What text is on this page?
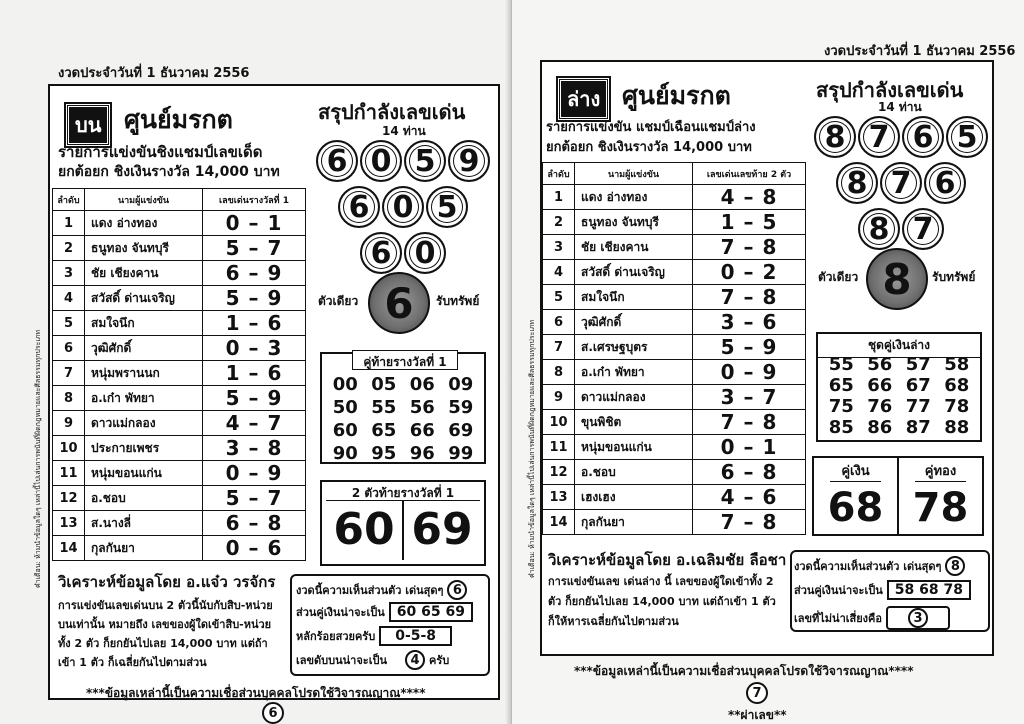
งวดประจำวันที่ 1 ธันวาคม 2556
คำเตือน: ห้ามนำข้อมูลใดๆ เหล่านี้ไปเล่นการพนันที่ผิดกฎหมายและศีลธรรมทุกประเภท
บน ศูนย์มรกต
รายการแข่งขันชิงแชมป์เลขเด็ด
ยกต้อยก ชิงเงินรางวัล 14,000 บาท
ลำดับ	นามผู้แข่งขัน	เลขเด่นรางวัลที่ 1
1	แดง อ่างทอง	0 – 1
2	ธนูทอง จันทบุรี	5 – 7
3	ชัย เชียงคาน	6 – 9
4	สวัสดิ์ ด่านเจริญ	5 – 9
5	สมใจนึก	1 – 6
6	วุฒิศักดิ์	0 – 3
7	หนุ่มพรานนก	1 – 6
8	อ.เก๋า พัทยา	5 – 9
9	ดาวแม่กลอง	4 – 7
10	ประกายเพชร	3 – 8
11	หนุ่มขอนแก่น	0 – 9
12	อ.ชอบ	5 – 7
13	ส.นางลี่	6 – 8
14	กุลกันยา	0 – 6
สรุปกำลังเลขเด่น
14 ท่าน
6 0 5 9
6 0 5
6 0
ตัวเดียว 6	รับทรัพย์
คู่ท้ายรางวัลที่ 1
00 05 06 09
50 55 56 59
60 65 66 69
90 95 96 99
2 ตัวท้ายรางวัลที่ 1
60 69
วิเคราะห์ข้อมูลโดย อ.แจ๋ว วรจักร
การแข่งขันเลขเด่นบน 2 ตัวนี้นับกับสิบ-หน่วยบนเท่านั้น หมายถึง เลขของผู้ใดเข้าสิบ-หน่วยทั้ง 2 ตัว ก็ยกยันไปเลย 14,000 บาท แต่ถ้าเข้า 1 ตัว ก็เฉลี่ยกันไปตามส่วน
งวดนี้ความเห็นส่วนตัว เด่นสุดๆ 6
ส่วนคู่เงินน่าจะเป็น 60 65 69
หลักร้อยสวยครับ	0-5-8
เลขดับบนน่าจะเป็น	4 ครับ
***ข้อมูลเหล่านี้เป็นความเชื่อส่วนบุคคลโปรดใช้วิจารณญาณ****
6
งวดประจำวันที่ 1 ธันวาคม 2556
คำเตือน: ห้ามนำข้อมูลใดๆ เหล่านี้ไปเล่นการพนันที่ผิดกฎหมายและศีลธรรมทุกประเภท
ล่าง ศูนย์มรกต
รายการแข่งขัน แชมป์เฉือนแชมป์ล่าง
ยกต้อยก ชิงเงินรางวัล 14,000 บาท
ลำดับ	นามผู้แข่งขัน	เลขเด่นเลขท้าย 2 ตัว
1	แดง อ่างทอง	4 – 8
2	ธนูทอง จันทบุรี	1 – 5
3	ชัย เชียงคาน	7 – 8
4	สวัสดิ์ ด่านเจริญ	0 – 2
5	สมใจนึก	7 – 8
6	วุฒิศักดิ์	3 – 6
7	ส.เศรษฐบุตร	5 – 9
8	อ.เก๋า พัทยา	0 – 9
9	ดาวแม่กลอง	3 – 7
10	ขุนพิชิต	7 – 8
11	หนุ่มขอนแก่น	0 – 1
12	อ.ชอบ	6 – 8
13	เฮงเฮง	4 – 6
14	กุลกันยา	7 – 8
สรุปกำลังเลขเด่น
14 ท่าน
8 7 6 5
8 7 6
8 7
ตัวเดียว 8	รับทรัพย์
ชุดคู่เงินล่าง
55 56 57 58
65 66 67 68
75 76 77 78
85 86 87 88
คู่เงิน
68
คู่ทอง
78
วิเคราะห์ข้อมูลโดย อ.เฉลิมชัย ลือชา
การแข่งขันเลข เด่นล่าง นี้ เลขของผู้ใดเข้าทั้ง 2 ตัว ก็ยกยันไปเลย 14,000 บาท แต่ถ้าเข้า 1 ตัว ก็ให้หารเฉลี่ยกันไปตามส่วน
งวดนี้ความเห็นส่วนตัว เด่นสุดๆ 8
ส่วนคู่เงินน่าจะเป็น 58 68 78
เลขที่ไม่น่าเสี่ยงคือ	3
***ข้อมูลเหล่านี้เป็นความเชื่อส่วนบุคคลโปรดใช้วิจารณญาณ****
7
**ผ่าเลข**
